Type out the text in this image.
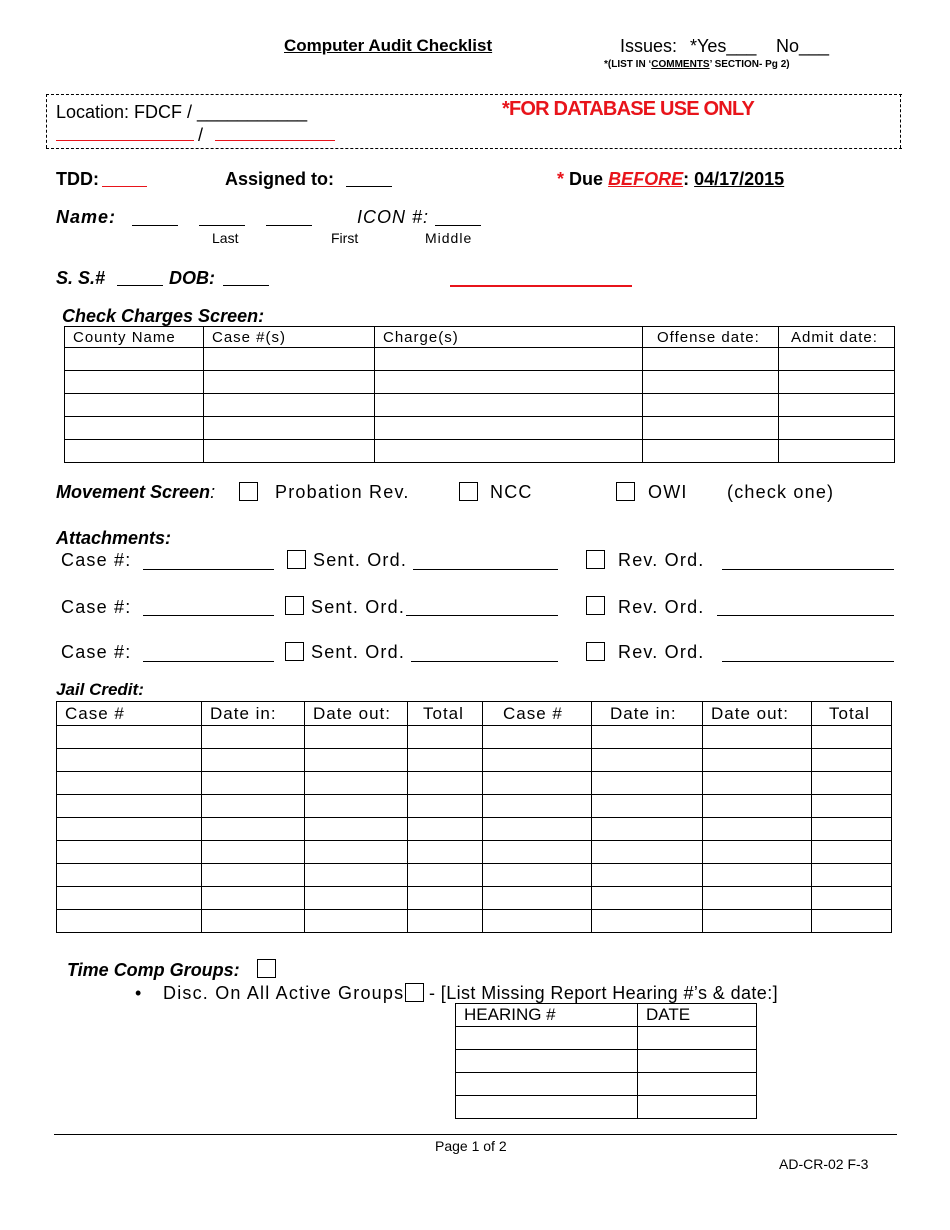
Computer Audit Checklist	Issues: *Yes___ No___
*(LIST IN ‘COMMENTS’ SECTION- Pg 2)
Location: FDCF / ___________
/
*FOR DATABASE USE ONLY
TDD:	Assigned to:	* Due BEFORE: 04/17/2015
Name:	ICON #:
Last	First	Middle
S. S.#	DOB:
Check Charges Screen:
County Name	Case #(s)	Charge(s)	Offense date:	Admit date:

Movement Screen:	Probation Rev.	NCC	OWI (check one)
Attachments:
Case #:	Sent. Ord.	Rev. Ord.
Case #:	Sent. Ord.	Rev. Ord.
Case #:	Sent. Ord.	Rev. Ord.
Jail Credit:
Case #	Date in:	Date out:	Total	Case #	Date in:	Date out:	Total

Time Comp Groups:
• Disc. On All Active Groups - [List Missing Report Hearing #’s & date:]
HEARING #	DATE

Page 1 of 2
AD-CR-02 F-3
